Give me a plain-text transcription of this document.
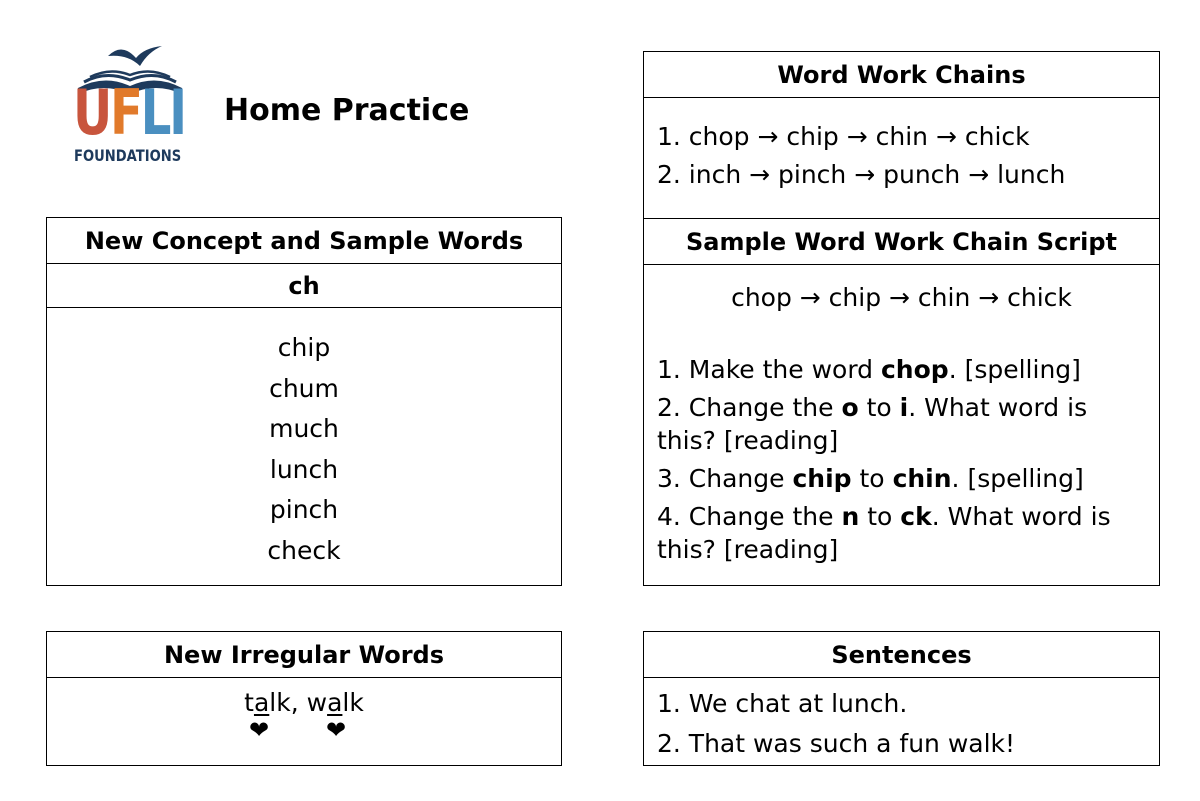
UFLI
FOUNDATIONS
Home Practice
New Concept and Sample Words
ch
chip
chum
much
lunch
pinch
check
New Irregular Words
talk, walk
❤ ❤
Word Work Chains
1. chop → chip → chin → chick
2. inch → pinch → punch → lunch
Sample Word Work Chain Script
chop → chip → chin → chick
1. Make the word chop. [spelling]
2. Change the o to i. What word is this? [reading]
3. Change chip to chin. [spelling]
4. Change the n to ck. What word is this? [reading]
Sentences
1. We chat at lunch.
2. That was such a fun walk!
